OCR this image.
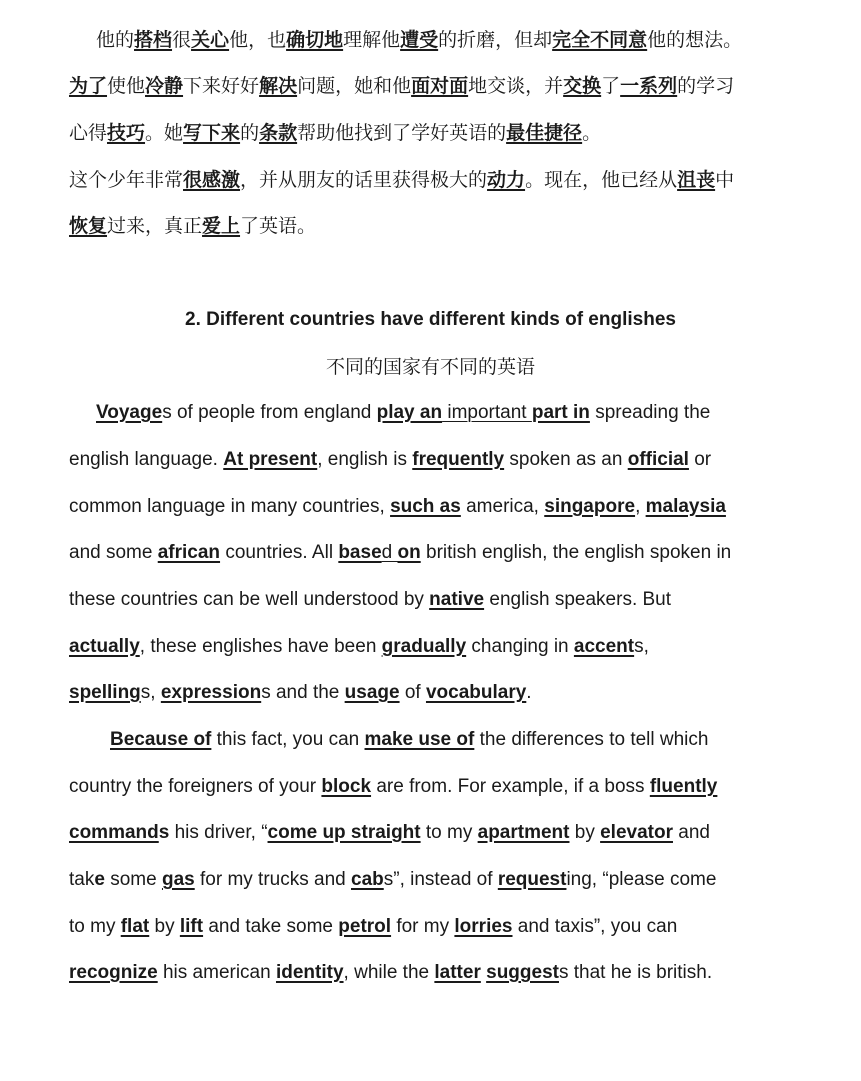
他的搭档很关心他，也确切地理解他遭受的折磨，但却完全不同意他的想法。
为了使他冷静下来好好解决问题，她和他面对面地交谈，并交换了一系列的学习
心得技巧。她写下来的条款帮助他找到了学好英语的最佳捷径。
这个少年非常很感激，并从朋友的话里获得极大的动力。现在，他已经从沮丧中
恢复过来，真正爱上了英语。
2. Different countries have different kinds of englishes
不同的国家有不同的英语
Voyages of people from england play an important part in spreading the
english language. At present, english is frequently spoken as an official or
common language in many countries, such as america, singapore, malaysia
and some african countries. All based on british english, the english spoken in
these countries can be well understood by native english speakers. But
actually, these englishes have been gradually changing in accents,
spellings, expressions and the usage of vocabulary.
Because of this fact, you can make use of the differences to tell which
country the foreigners of your block are from. For example, if a boss fluently
commands his driver, “come up straight to my apartment by elevator and
take some gas for my trucks and cabs”, instead of requesting, “please come
to my flat by lift and take some petrol for my lorries and taxis”, you can
recognize his american identity, while the latter suggests that he is british.
